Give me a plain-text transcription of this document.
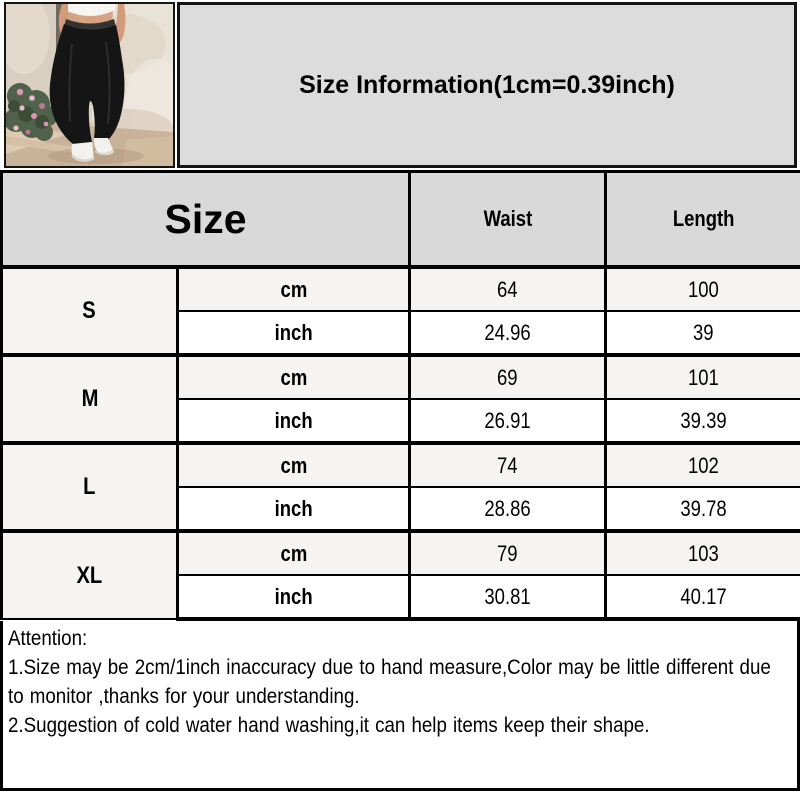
Size Information(1cm=0.39inch)
Size		Waist	Length
S	cm	64	100
	inch	24.96	39
M	cm	69	101
	inch	26.91	39.39
L	cm	74	102
	inch	28.86	39.78
XL	cm	79	103
	inch	30.81	40.17
Attention:
1.Size may be 2cm/1inch inaccuracy due to hand measure,Color may be little different due to monitor ,thanks for your understanding.
2.Suggestion of cold water hand washing,it can help items keep their shape.
